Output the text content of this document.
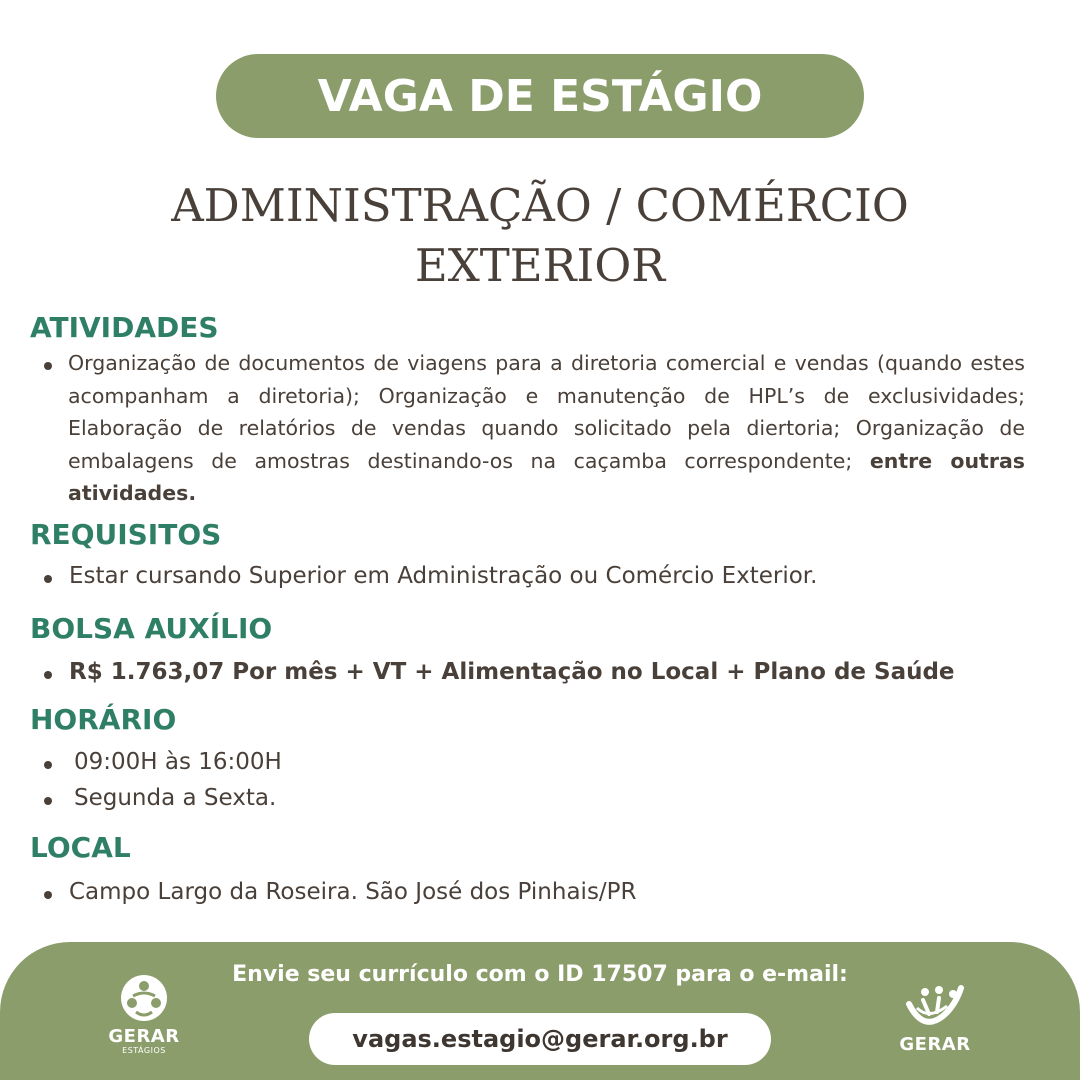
VAGA DE ESTÁGIO
ADMINISTRAÇÃO / COMÉRCIO
EXTERIOR
ATIVIDADES
Organização de documentos de viagens para a diretoria comercial e vendas (quando estes acompanham a diretoria); Organização e manutenção de HPL’s de exclusividades; Elaboração de relatórios de vendas quando solicitado pela diertoria; Organização de embalagens de amostras destinando-os na caçamba correspondente; entre outras atividades.
REQUISITOS
Estar cursando Superior em Administração ou Comércio Exterior.
BOLSA AUXÍLIO
R$ 1.763,07 Por mês + VT + Alimentação no Local + Plano de Saúde
HORÁRIO
09:00H às 16:00H
Segunda a Sexta.
LOCAL
Campo Largo da Roseira. São José dos Pinhais/PR
Envie seu currículo com o ID 17507 para o e-mail:
vagas.estagio@gerar.org.br
GERAR
ESTÁGIOS	GERAR
